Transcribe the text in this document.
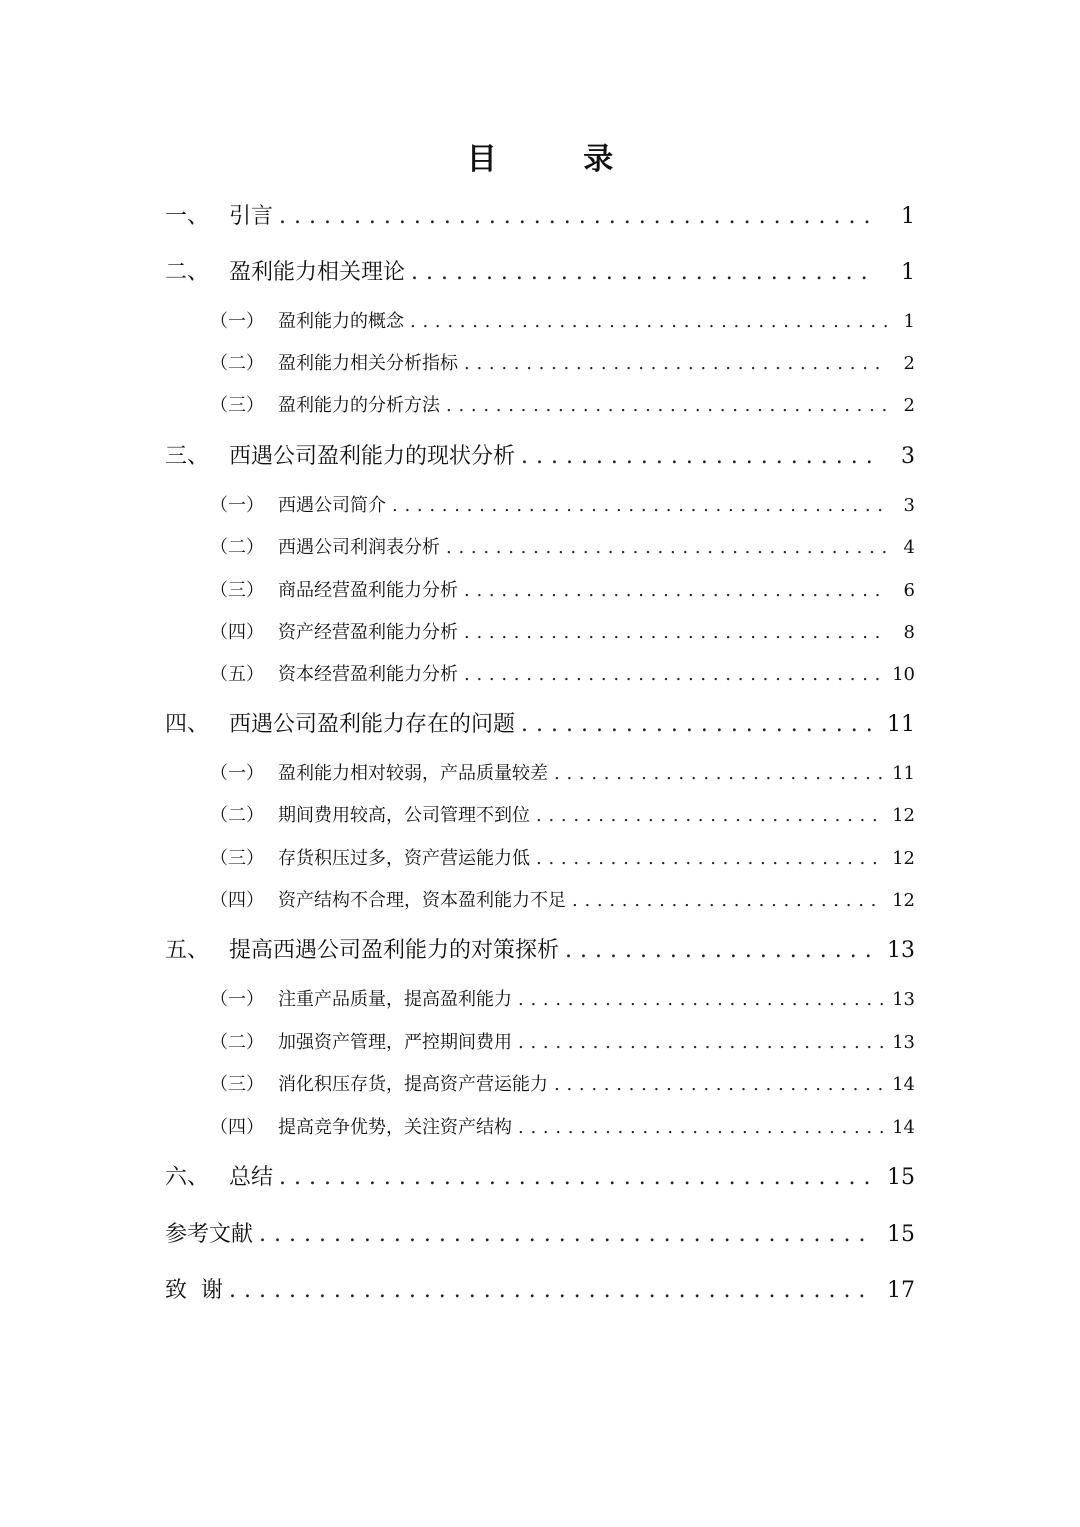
目 录
一、 引言 . . .	1
二、 盈利能力相关理论 . . .	1
（一） 盈利能力的概念 . . .	1
（二） 盈利能力相关分析指标 . . .	2
（三） 盈利能力的分析方法 . . .	2
三、 西遇公司盈利能力的现状分析 . . .	3
（一） 西遇公司简介 . . .	3
（二） 西遇公司利润表分析 . . .	4
（三） 商品经营盈利能力分析 . . .	6
（四） 资产经营盈利能力分析 . . .	8
（五） 资本经营盈利能力分析 . . .	10
四、 西遇公司盈利能力存在的问题 . . .	11
（一） 盈利能力相对较弱，产品质量较差 . . .	11
（二） 期间费用较高，公司管理不到位 . . .	12
（三） 存货积压过多，资产营运能力低 . . .	12
（四） 资产结构不合理，资本盈利能力不足 . . .	12
五、 提高西遇公司盈利能力的对策探析 . . .	13
（一） 注重产品质量，提高盈利能力 . . .	13
（二） 加强资产管理，严控期间费用 . . .	13
（三） 消化积压存货，提高资产营运能力 . . .	14
（四） 提高竞争优势，关注资产结构 . . .	14
六、 总结 . . .	15
参考文献 . . .	15
致  谢 . . .	17
